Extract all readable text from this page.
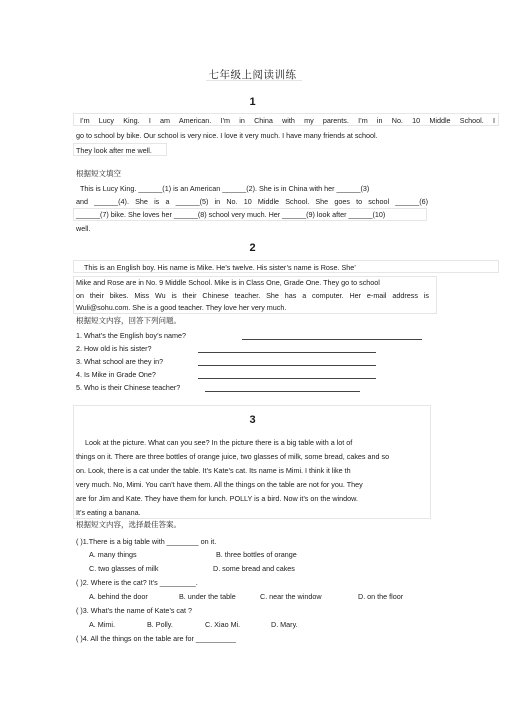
七年级上阅读训练
1
I’m Lucy King. I am American. I’m in China with my parents. I’m in No. 10 Middle School. I
go to school by bike. Our school is very nice. I love it very much. I have many friends at school.
They look after me well.
根据短文填空
This is Lucy King. ______(1) is an American ______(2). She is in China with her ______(3)
and ______(4). She is a ______(5) in No. 10 Middle School. She goes to school ______(6)
______(7) bike. She loves her ______(8) school very much. Her ______(9) look after ______(10)
well.
2
This is an English boy. His name is Mike. He’s twelve. His sister’s name is Rose. She’
Mike and Rose are in No. 9 Middle School. Mike is in Class One, Grade One. They go to school
on their bikes. Miss Wu is their Chinese teacher. She has a computer. Her e-mail address is
Wuli@sohu.com. She is a good teacher. They love her very much.
根据短文内容，回答下列问题。
1. What’s the English boy’s name?
2. How old is his sister?
3. What school are they in?
4. Is Mike in Grade One?
5. Who is their Chinese teacher?
3
Look at the picture. What can you see? In the picture there is a big table with a lot of
things on it. There are three bottles of orange juice, two glasses of milk, some bread, cakes and so
on. Look, there is a cat under the table. It’s Kate’s cat. Its name is Mimi. I think it like th
very much. No, Mimi. You can’t have them. All the things on the table are not for you. They
are for Jim and Kate. They have them for lunch. POLLY is a bird. Now it’s on the window.
It’s eating a banana.
根据短文内容，选择最佳答案。
( )1.There is a big table with ________ on it.
A. many things	B. three bottles of orange
C. two glasses of milk	D. some bread and cakes
( )2. Where is the cat? It’s _________.
A. behind the door	B. under the table	C. near the window	D. on the floor
( )3. What’s the name of Kate’s cat ?
A. Mimi.	B. Polly.	C. Xiao Mi.	D. Mary.
( )4. All the things on the table are for __________
